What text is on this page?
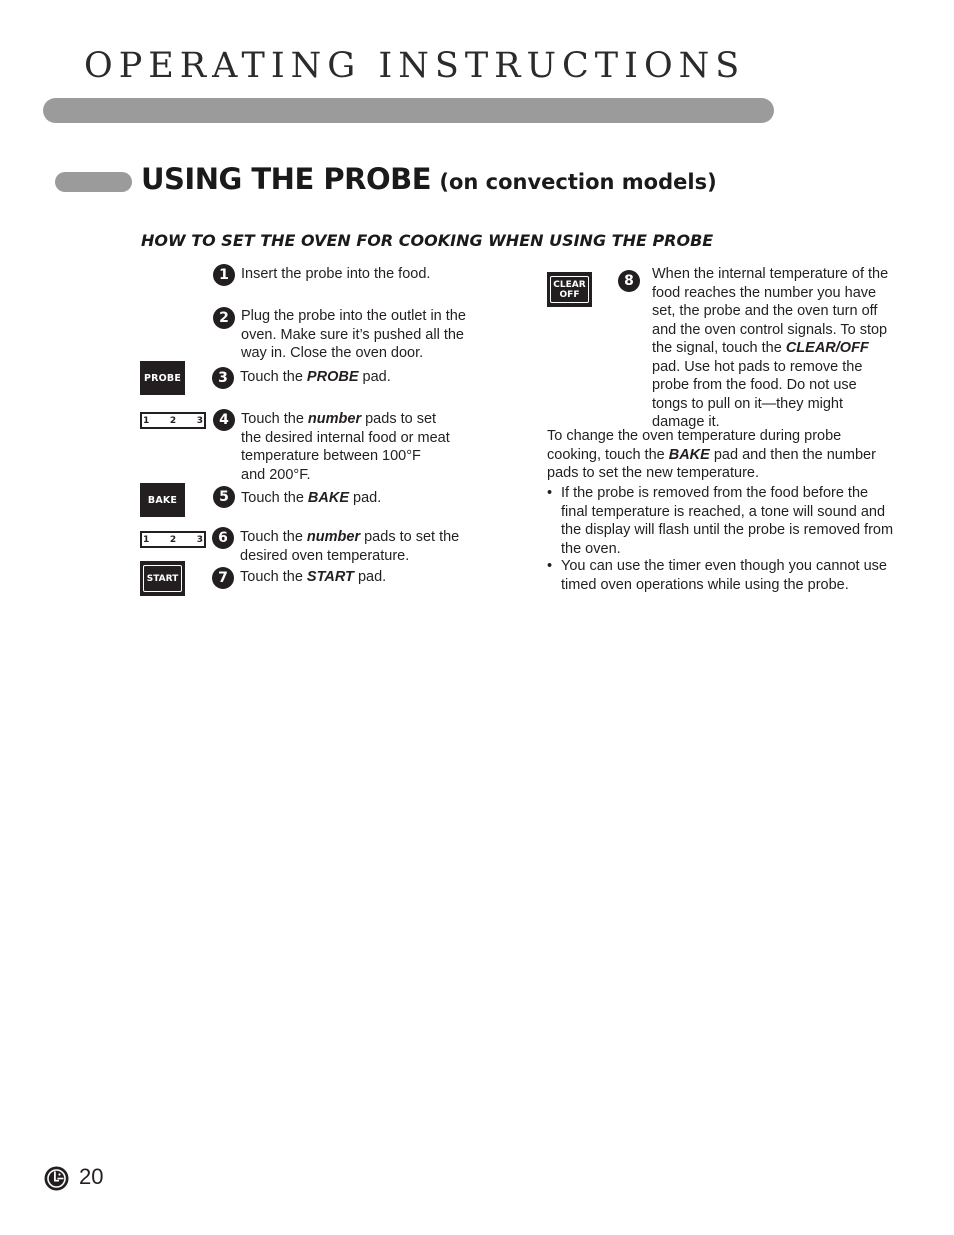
OPERATING INSTRUCTIONS
USING THE PROBE (on convection models)
HOW TO SET THE OVEN FOR COOKING WHEN USING THE PROBE
1 Insert the probe into the food.

2 Plug the probe into the outlet in the

oven. Make sure it’s pushed all the

way in. Close the oven door.

PROBE	3 Touch the PROBE pad.

1	2	3	4 Touch the number pads to set

the desired internal food or meat

temperature between 100°F

and 200°F.

BAKE	5 Touch the BAKE pad.

1	2	3	6 Touch the number pads to set the

desired oven temperature.

START	7 Touch the START pad.

CLEAR
OFF
8	When the internal temperature of the

food reaches the number you have

set, the probe and the oven turn off

and the oven control signals. To stop

the signal, touch the CLEAR/OFF

pad. Use hot pads to remove the

probe from the food. Do not use

tongs to pull on it—they might

damage it.

To change the oven temperature during probe

cooking, touch the BAKE pad and then the number

pads to set the new temperature.

• If the probe is removed from the food before the

final temperature is reached, a tone will sound and

the display will flash until the probe is removed from

the oven.

• You can use the timer even though you cannot use

timed oven operations while using the probe.

20
